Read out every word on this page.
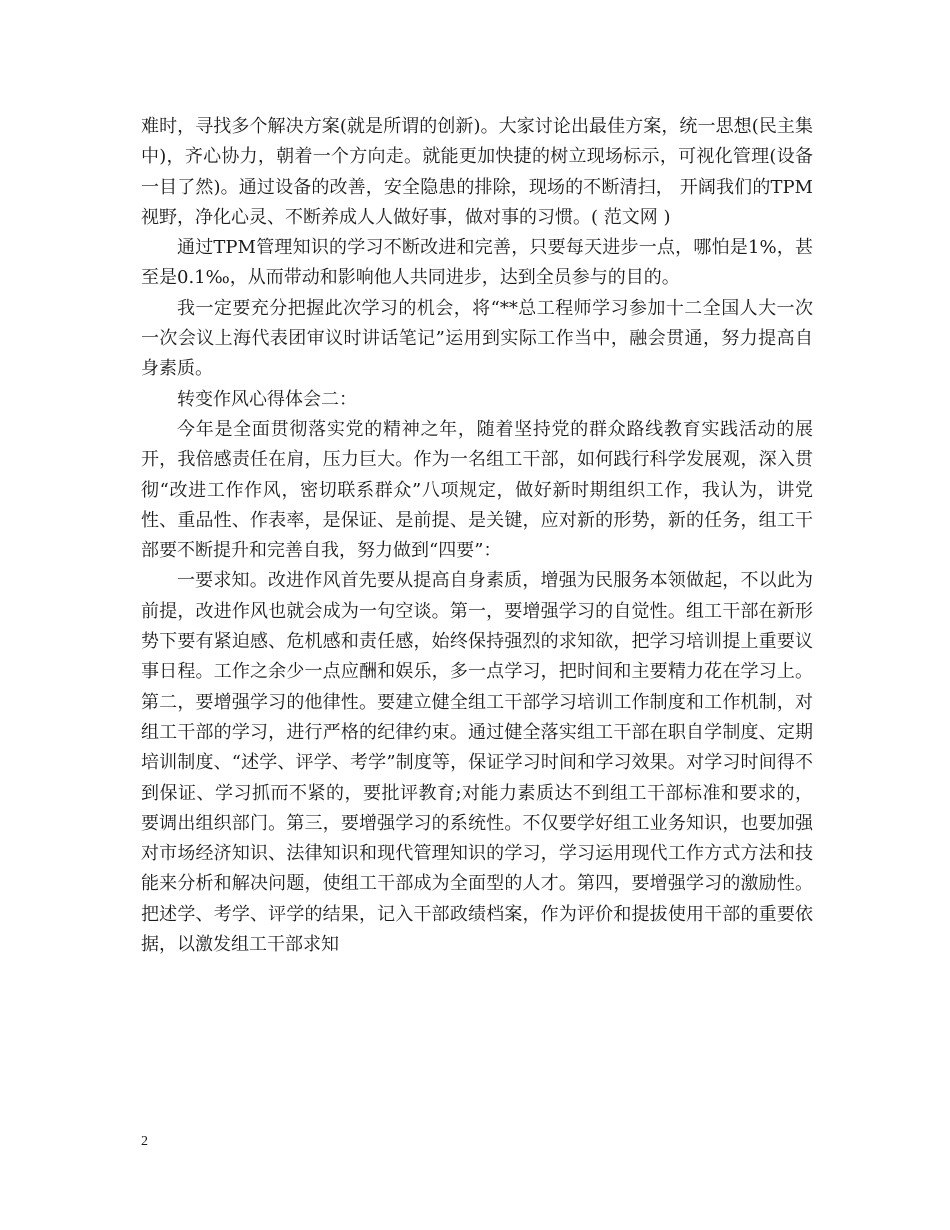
难时，寻找多个解决方案(就是所谓的创新)。大家讨论出最佳方案，统一思想(民主集中)，齐心协力，朝着一个方向走。就能更加快捷的树立现场标示，可视化管理(设备一目了然)。通过设备的改善，安全隐患的排除，现场的不断清扫， 开阔我们的TPM视野，净化心灵、不断养成人人做好事，做对事的习惯。( 范文网 )

通过TPM管理知识的学习不断改进和完善，只要每天进步一点，哪怕是1%，甚至是0.1‰，从而带动和影响他人共同进步，达到全员参与的目的。

我一定要充分把握此次学习的机会，将“**总工程师学习参加十二全国人大一次一次会议上海代表团审议时讲话笔记”运用到实际工作当中，融会贯通，努力提高自身素质。

转变作风心得体会二：

今年是全面贯彻落实党的精神之年，随着坚持党的群众路线教育实践活动的展开，我倍感责任在肩，压力巨大。作为一名组工干部，如何践行科学发展观，深入贯彻“改进工作作风，密切联系群众”八项规定，做好新时期组织工作，我认为，讲党性、重品性、作表率，是保证、是前提、是关键，应对新的形势，新的任务，组工干部要不断提升和完善自我，努力做到“四要”：

一要求知。改进作风首先要从提高自身素质，增强为民服务本领做起，不以此为前提，改进作风也就会成为一句空谈。第一，要增强学习的自觉性。组工干部在新形势下要有紧迫感、危机感和责任感，始终保持强烈的求知欲，把学习培训提上重要议事日程。工作之余少一点应酬和娱乐，多一点学习，把时间和主要精力花在学习上。第二，要增强学习的他律性。要建立健全组工干部学习培训工作制度和工作机制，对组工干部的学习，进行严格的纪律约束。通过健全落实组工干部在职自学制度、定期培训制度、“述学、评学、考学”制度等，保证学习时间和学习效果。对学习时间得不到保证、学习抓而不紧的，要批评教育;对能力素质达不到组工干部标准和要求的，要调出组织部门。第三，要增强学习的系统性。不仅要学好组工业务知识，也要加强对市场经济知识、法律知识和现代管理知识的学习，学习运用现代工作方式方法和技能来分析和解决问题，使组工干部成为全面型的人才。第四，要增强学习的激励性。把述学、考学、评学的结果，记入干部政绩档案，作为评价和提拔使用干部的重要依据，以激发组工干部求知

2
